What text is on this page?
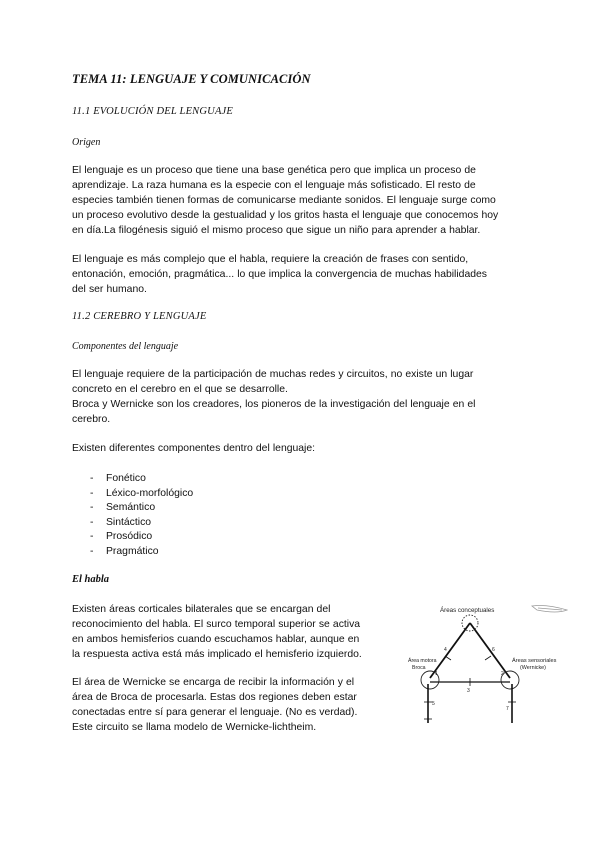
TEMA 11: LENGUAJE Y COMUNICACIÓN
11.1 EVOLUCIÓN DEL LENGUAJE
Origen
El lenguaje es un proceso que tiene una base genética pero que implica un proceso de
aprendizaje. La raza humana es la especie con el lenguaje más sofisticado. El resto de
especies también tienen formas de comunicarse mediante sonidos. El lenguaje surge como
un proceso evolutivo desde la gestualidad y los gritos hasta el lenguaje que conocemos hoy
en día.La filogénesis siguió el mismo proceso que sigue un niño para aprender a hablar.
El lenguaje es más complejo que el habla, requiere la creación de frases con sentido,
entonación, emoción, pragmática... lo que implica la convergencia de muchas habilidades
del ser humano.
11.2 CEREBRO Y LENGUAJE
Componentes del lenguaje
El lenguaje requiere de la participación de muchas redes y circuitos, no existe un lugar
concreto en el cerebro en el que se desarrolle.
Broca y Wernicke son los creadores, los pioneros de la investigación del lenguaje en el
cerebro.
Existen diferentes componentes dentro del lenguaje:
- Fonético
- Léxico-morfológico
- Semántico
- Sintáctico
- Prosódico
- Pragmático
El habla
Existen áreas corticales bilaterales que se encargan del
reconocimiento del habla. El surco temporal superior se activa
en ambos hemisferios cuando escuchamos hablar, aunque en
la respuesta activa está más implicado el hemisferio izquierdo.
El área de Wernicke se encarga de recibir la información y el
área de Broca de procesarla. Estas dos regiones deben estar
conectadas entre sí para generar el lenguaje. (No es verdad).
Este circuito se llama modelo de Wernicke-lichtheim.
Áreas conceptuales
Área motora
Broca
Áreas sensoriales
(Wernicke)
1	2
3
4
5
6
7
